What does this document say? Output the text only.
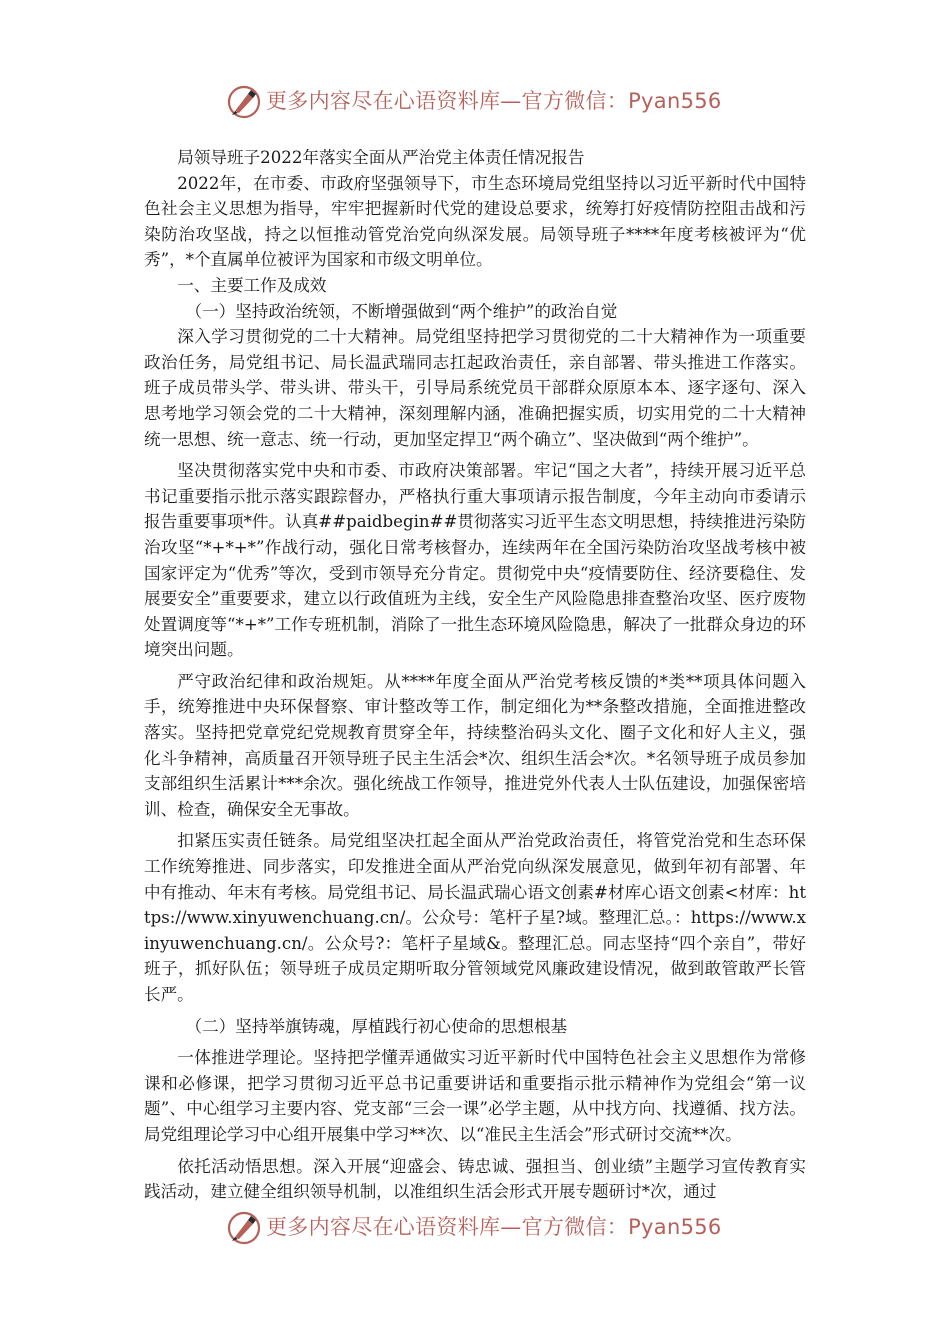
更多内容尽在心语资料库—官方微信：Pyan556

局领导班子2022年落实全面从严治党主体责任情况报告

2022年，在市委、市政府坚强领导下，市生态环境局党组坚持以习近平新时代中国特色社会主义思想为指导，牢牢把握新时代党的建设总要求，统筹打好疫情防控阻击战和污染防治攻坚战，持之以恒推动管党治党向纵深发展。局领导班子****年度考核被评为“优秀”，*个直属单位被评为国家和市级文明单位。

一、主要工作及成效

（一）坚持政治统领，不断增强做到“两个维护”的政治自觉

深入学习贯彻党的二十大精神。局党组坚持把学习贯彻党的二十大精神作为一项重要政治任务，局党组书记、局长温武瑞同志扛起政治责任，亲自部署、带头推进工作落实。班子成员带头学、带头讲、带头干，引导局系统党员干部群众原原本本、逐字逐句、深入思考地学习领会党的二十大精神，深刻理解内涵，准确把握实质，切实用党的二十大精神统一思想、统一意志、统一行动，更加坚定捍卫“两个确立”、坚决做到“两个维护”。

坚决贯彻落实党中央和市委、市政府决策部署。牢记“国之大者”，持续开展习近平总书记重要指示批示落实跟踪督办，严格执行重大事项请示报告制度，今年主动向市委请示报告重要事项*件。认真##paidbegin##贯彻落实习近平生态文明思想，持续推进污染防治攻坚“*+*+*”作战行动，强化日常考核督办，连续两年在全国污染防治攻坚战考核中被国家评定为“优秀”等次，受到市领导充分肯定。贯彻党中央“疫情要防住、经济要稳住、发展要安全”重要要求，建立以行政值班为主线，安全生产风险隐患排查整治攻坚、医疗废物处置调度等“*+*”工作专班机制，消除了一批生态环境风险隐患，解决了一批群众身边的环境突出问题。

严守政治纪律和政治规矩。从****年度全面从严治党考核反馈的*类**项具体问题入手，统筹推进中央环保督察、审计整改等工作，制定细化为**条整改措施，全面推进整改落实。坚持把党章党纪党规教育贯穿全年，持续整治码头文化、圈子文化和好人主义，强化斗争精神，高质量召开领导班子民主生活会*次、组织生活会*次。*名领导班子成员参加支部组织生活累计***余次。强化统战工作领导，推进党外代表人士队伍建设，加强保密培训、检查，确保安全无事故。

扣紧压实责任链条。局党组坚决扛起全面从严治党政治责任，将管党治党和生态环保工作统筹推进、同步落实，印发推进全面从严治党向纵深发展意见，做到年初有部署、年中有推动、年末有考核。局党组书记、局长温武瑞心语文创素#材库心语文创素<材库：https://www.xinyuwenchuang.cn/。公众号：笔杆子星?域。整理汇总。：https://www.xinyuwenchuang.cn/。公众号?：笔杆子星域&。整理汇总。同志坚持“四个亲自”，带好班子，抓好队伍；领导班子成员定期听取分管领域党风廉政建设情况，做到敢管敢严长管长严。

（二）坚持举旗铸魂，厚植践行初心使命的思想根基

一体推进学理论。坚持把学懂弄通做实习近平新时代中国特色社会主义思想作为常修课和必修课，把学习贯彻习近平总书记重要讲话和重要指示批示精神作为党组会“第一议题”、中心组学习主要内容、党支部“三会一课”必学主题，从中找方向、找遵循、找方法。局党组理论学习中心组开展集中学习**次、以“准民主生活会”形式研讨交流**次。

依托活动悟思想。深入开展“迎盛会、铸忠诚、强担当、创业绩”主题学习宣传教育实践活动，建立健全组织领导机制，以准组织生活会形式开展专题研讨*次，通过

更多内容尽在心语资料库—官方微信：Pyan556
